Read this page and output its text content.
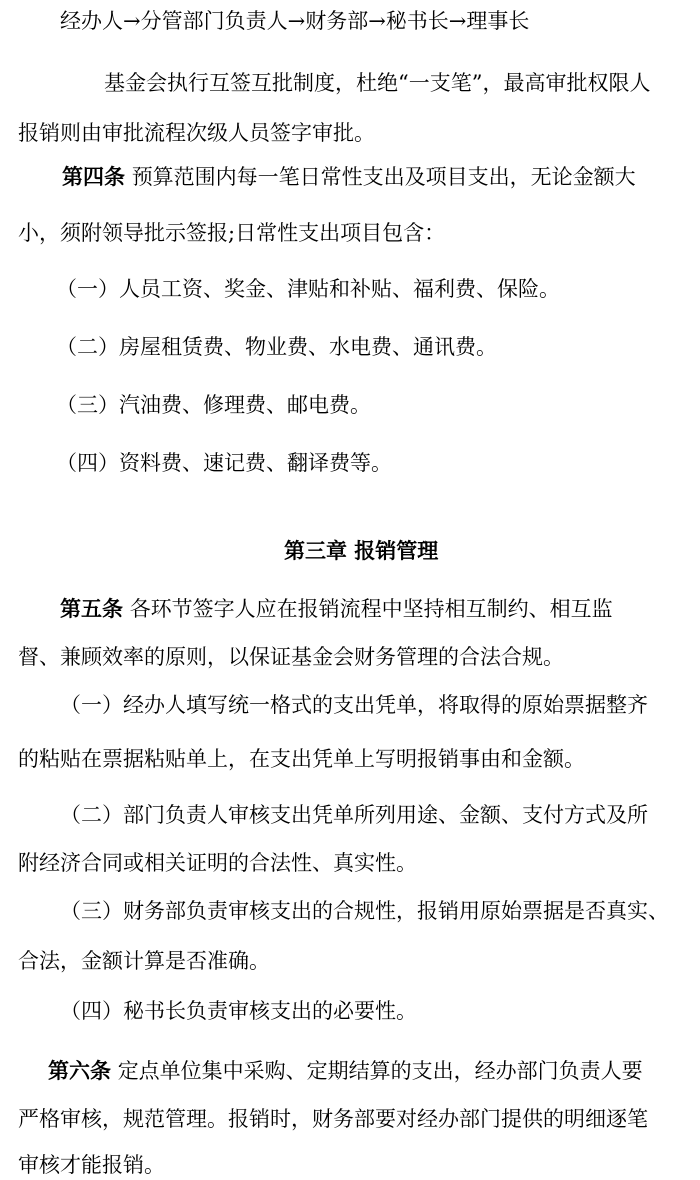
经办人→分管部门负责人→财务部→秘书长→理事长
基金会执行互签互批制度，杜绝“一支笔”，最高审批权限人
报销则由审批流程次级人员签字审批。
第四条 预算范围内每一笔日常性支出及项目支出，无论金额大
小，须附领导批示签报;日常性支出项目包含：
（一）人员工资、奖金、津贴和补贴、福利费、保险。
（二）房屋租赁费、物业费、水电费、通讯费。
（三）汽油费、修理费、邮电费。
（四）资料费、速记费、翻译费等。
第三章 报销管理
第五条 各环节签字人应在报销流程中坚持相互制约、相互监
督、兼顾效率的原则，以保证基金会财务管理的合法合规。
（一）经办人填写统一格式的支出凭单，将取得的原始票据整齐
的粘贴在票据粘贴单上，在支出凭单上写明报销事由和金额。
（二）部门负责人审核支出凭单所列用途、金额、支付方式及所
附经济合同或相关证明的合法性、真实性。
（三）财务部负责审核支出的合规性，报销用原始票据是否真实、
合法，金额计算是否准确。
（四）秘书长负责审核支出的必要性。
第六条 定点单位集中采购、定期结算的支出，经办部门负责人要
严格审核，规范管理。报销时，财务部要对经办部门提供的明细逐笔
审核才能报销。
